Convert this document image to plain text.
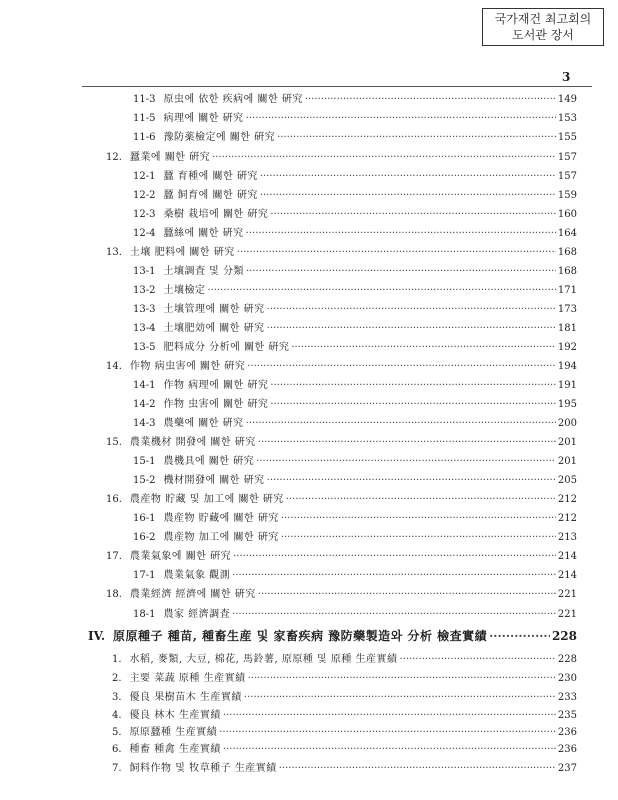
국가재건 최고회의
도서관 장서
3
11-3 原虫에 依한 疾病에 關한 硏究 ·····	149
11-5 病理에 關한 硏究 ·····	153
11-6 豫防薬檢定에 關한 硏究 ·····	155
12. 蠶業에 關한 硏究 ·····	157
12-1 蠶 育種에 關한 硏究 ·····	157
12-2 蠶 飼育에 關한 硏究 ·····	159
12-3 桑樹 栽培에 關한 硏究 ·····	160
12-4 蠶絲에 關한 硏究 ·····	164
13. 土壤 肥料에 關한 硏究 ·····	168
13-1 土壤調査 및 分類 ·····	168
13-2 土壤檢定 ·····	171
13-3 土壤管理에 關한 硏究 ·····	173
13-4 土壤肥効에 關한 硏究 ·····	181
13-5 肥料成分 分析에 關한 硏究 ·····	192
14. 作物 病虫害에 關한 硏究 ·····	194
14-1 作物 病理에 關한 硏究 ·····	191
14-2 作物 虫害에 關한 硏究 ·····	195
14-3 農藥에 關한 硏究 ·····	200
15. 農業機材 開發에 關한 硏究 ·····	201
15-1 農機具에 關한 硏究 ·····	201
15-2 機材開發에 關한 硏究 ·····	205
16. 農産物 貯藏 및 加工에 關한 硏究 ·····	212
16-1 農産物 貯藏에 關한 硏究 ·····	212
16-2 農産物 加工에 關한 硏究 ·····	213
17. 農業氣象에 關한 硏究 ·····	214
17-1 農業氣象 觀測 ·····	214
18. 農業經濟 經濟에 關한 硏究 ·····	221
18-1 農家 經濟調査 ·····	221
IV. 原原種子 種苗, 種畜生産 및 家畜疾病 豫防藥製造와 分析 檢査實績 ·····	228
1. 水稻, 麥類, 大豆, 棉花, 馬鈴薯, 原原種 및 原種 生産實績 ·····	228
2. 主要 菜蔬 原種 生産實績 ·····	230
3. 優良 果樹苗木 生産實績 ·····	233
4. 優良 林木 生産實績 ·····	235
5. 原原蠶種 生産實績 ·····	236
6. 種畜 種禽 生産實績 ·····	236
7. 飼料作物 및 牧草種子 生産實績 ·····	237
